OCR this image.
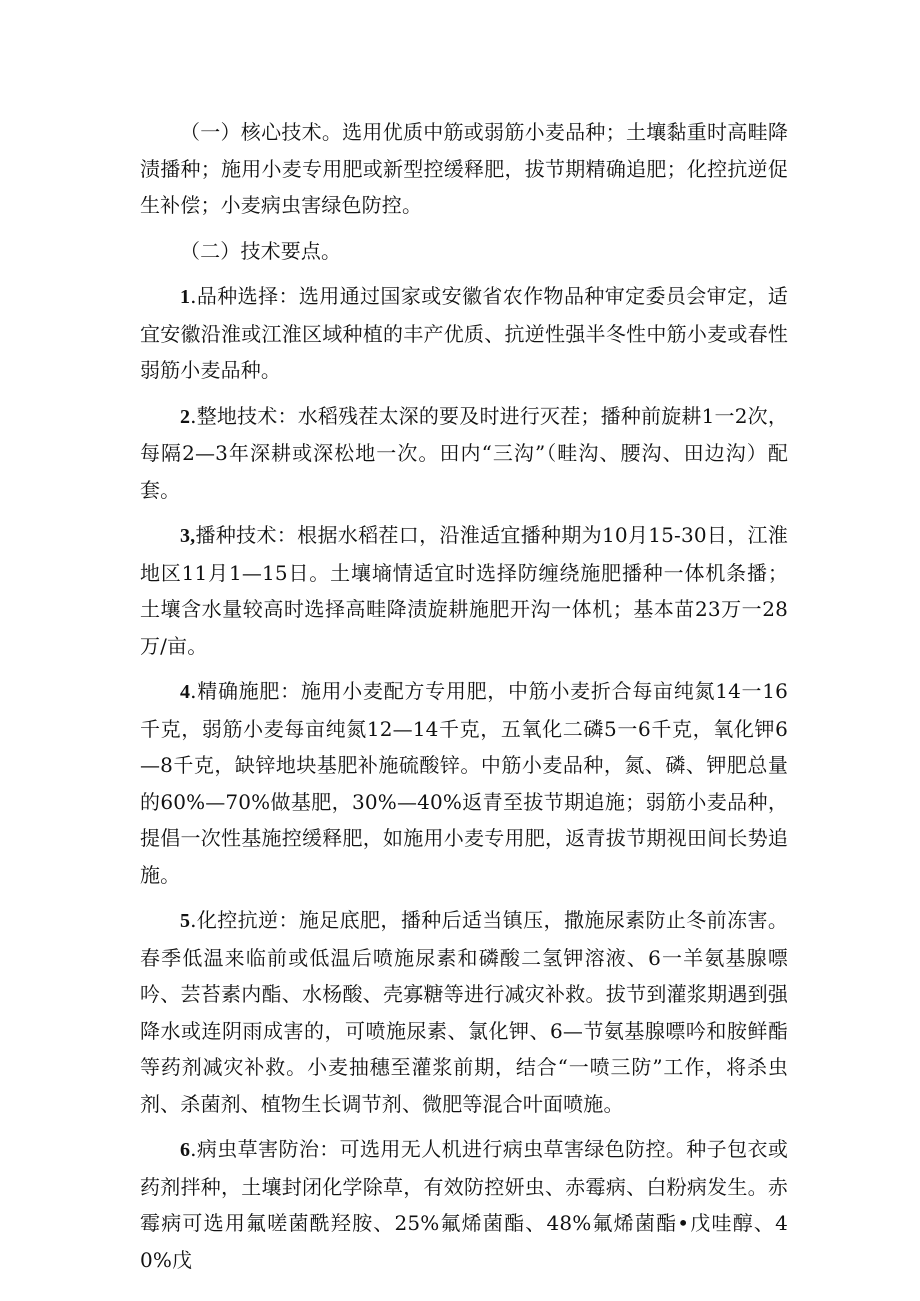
（一）核心技术。选用优质中筋或弱筋小麦品种；土壤黏重时高畦降渍播种；施用小麦专用肥或新型控缓释肥，拔节期精确追肥；化控抗逆促生补偿；小麦病虫害绿色防控。

（二）技术要点。

1.品种选择：选用通过国家或安徽省农作物品种审定委员会审定，适宜安徽沿淮或江淮区域种植的丰产优质、抗逆性强半冬性中筋小麦或春性弱筋小麦品种。

2.整地技术：水稻残茬太深的要及时进行灭茬；播种前旋耕1一2次，每隔2—3年深耕或深松地一次。田内“三沟”（畦沟、腰沟、田边沟）配套。

3,播种技术：根据水稻茬口，沿淮适宜播种期为10月15-30日，江淮地区11月1—15日。土壤墒情适宜时选择防缠绕施肥播种一体机条播；土壤含水量较高时选择高畦降渍旋耕施肥开沟一体机；基本苗23万一28万/亩。

4.精确施肥：施用小麦配方专用肥，中筋小麦折合每亩纯氮14一16千克，弱筋小麦每亩纯氮12—14千克，五氧化二磷5一6千克，氧化钾6—8千克，缺锌地块基肥补施硫酸锌。中筋小麦品种，氮、磷、钾肥总量的60%—70%做基肥，30%—40%返青至拔节期追施；弱筋小麦品种，提倡一次性基施控缓释肥，如施用小麦专用肥，返青拔节期视田间长势追施。

5.化控抗逆：施足底肥，播种后适当镇压，撒施尿素防止冬前冻害。春季低温来临前或低温后喷施尿素和磷酸二氢钾溶液、6一羊氨基腺嘌吟、芸苔素内酯、水杨酸、壳寡糖等进行减灾补救。拔节到灌浆期遇到强降水或连阴雨成害的，可喷施尿素、氯化钾、6—节氨基腺嘌吟和胺鲜酯等药剂减灾补救。小麦抽穗至灌浆前期，结合“一喷三防”工作，将杀虫剂、杀菌剂、植物生长调节剂、微肥等混合叶面喷施。

6.病虫草害防治：可选用无人机进行病虫草害绿色防控。种子包衣或药剂拌种，土壤封闭化学除草，有效防控妍虫、赤霉病、白粉病发生。赤霉病可选用氟嗟菌酰羟胺、25%氟烯菌酯、48%氟烯菌酯•戊哇醇、40%戊
